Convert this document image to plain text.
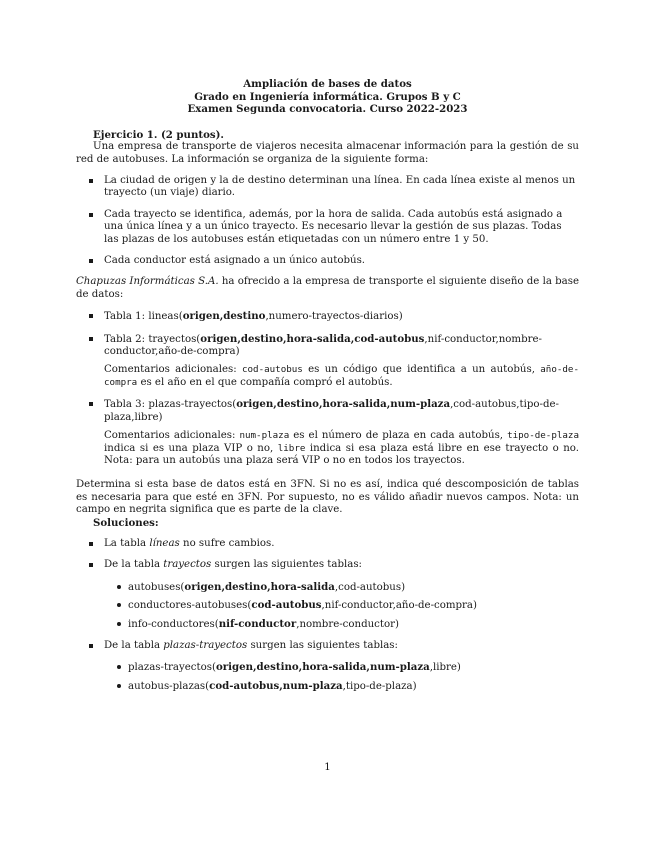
Ampliación de bases de datos
Grado en Ingeniería informática. Grupos B y C
Examen Segunda convocatoria. Curso 2022-2023
Ejercicio 1. (2 puntos).

Una empresa de transporte de viajeros necesita almacenar información para la gestión de su red de autobuses. La información se organiza de la siguiente forma:

La ciudad de origen y la de destino determinan una línea. En cada línea existe al menos un trayecto (un viaje) diario.
Cada trayecto se identifica, además, por la hora de salida. Cada autobús está asignado a una única línea y a un único trayecto. Es necesario llevar la gestión de sus plazas. Todas las plazas de los autobuses están etiquetadas con un número entre 1 y 50.
Cada conductor está asignado a un único autobús.

Chapuzas Informáticas S.A. ha ofrecido a la empresa de transporte el siguiente diseño de la base de datos:

Tabla 1: lineas(origen,destino,numero-trayectos-diarios)
Tabla 2: trayectos(origen,destino,hora-salida,cod-autobus,nif-conductor,nombre-conductor,año-de-compra)

Comentarios adicionales: cod-autobus es un código que identifica a un autobús, año-de-compra es el año en el que compañía compró el autobús.

Tabla 3: plazas-trayectos(origen,destino,hora-salida,num-plaza,cod-autobus,tipo-de-plaza,libre)

Comentarios adicionales: num-plaza es el número de plaza en cada autobús, tipo-de-plaza indica si es una plaza VIP o no, libre indica si esa plaza está libre en ese trayecto o no. Nota: para un autobús una plaza será VIP o no en todos los trayectos.

Determina si esta base de datos está en 3FN. Si no es así, indica qué descomposición de tablas es necesaria para que esté en 3FN. Por supuesto, no es válido añadir nuevos campos. Nota: un campo en negrita significa que es parte de la clave.

Soluciones:
La tabla líneas no sufre cambios.
De la tabla trayectos surgen las siguientes tablas:
autobuses(origen,destino,hora-salida,cod-autobus)
conductores-autobuses(cod-autobus,nif-conductor,año-de-compra)
info-conductores(nif-conductor,nombre-conductor)
De la tabla plazas-trayectos surgen las siguientes tablas:
plazas-trayectos(origen,destino,hora-salida,num-plaza,libre)
autobus-plazas(cod-autobus,num-plaza,tipo-de-plaza)
1
